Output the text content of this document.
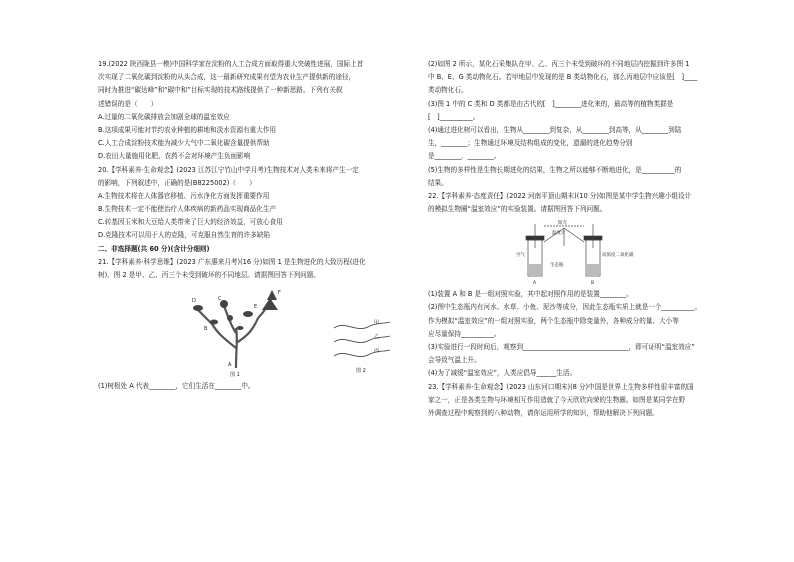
19.(2022 陕西陇县一模)中国科学家在淀粉的人工合成方面取得重大突破性进展，国际上首
次实现了二氧化碳到淀粉的从头合成，这一最新研究成果有望为农业生产提供新的途径，
同时为推进“碳达峰”和“碳中和”目标实现的技术路线提供了一种新思路。下列有关叙
述错误的是（　　）
A.过量的二氧化碳排放会加剧全球的温室效应
B.这项成果可能对节约农业种植的耕地和淡水资源有重大作用
C.人工合成淀粉技术能为减少大气中二氧化碳含量提供帮助
D.农田大量施用化肥、农药不会对环境产生负面影响
20.【学科素养·生命观念】(2023 江苏江宁竹山中学月考)生物技术对人类未来将产生一定
的影响，下列叙述中，正确的是(B8225002)（　　）
A.生物技术将在人体器官移植、污水净化方面发挥重要作用
B.生物技术一定不能使治疗人体疾病的新药品实现商品化生产
C.转基因玉米和大豆给人类带来了巨大的经济效益，可放心食用
D.克隆技术可以用于人的克隆，可克服自然生育的许多缺陷
二、非选择题(共 60 分)(含计分细则)
21.【学科素养·科学思维】(2023 广东惠来月考)(16 分)如图 1 是生物进化的大致历程(进化
树)，图 2 是甲、乙、丙三个未受到破坏的不同地层。请据图回答下列问题。
A
B
C
D
E
F
图 1
甲
乙
丙
图 2
(1)树根处 A 代表________，它们生活在________中。
(2)如图 2 所示，某化石采集队在甲、乙、丙三个未受到破坏的不同地层内挖掘到许多图 1
中 B、E、G 类动物化石。若甲地层中发现的是 B 类动物化石，那么丙地层中应该是[　]____
类动物化石。
(3)图 1 中的 C 类和 D 类都是由古代的[　]________进化来的，最高等的植物类群是
[　]__________。
(4)通过进化树可以看出，生物从________到复杂，从________到高等，从________到陆
生，________；生物通过环境及结构组成的变化，遗漏的进化趋势分别
是________，________。
(5)生物的多样性是生物长期进化的结果，生物之所以能够不断地进化，是__________的
结果。
22.【学科素养·态度责任】(2022 河南平顶山期末)(10 分)如图是某中学生物兴趣小组设计
的模拟生物圈“温室效应”的实验装置。请据图回答下列问题。
阳光
温度计
生态瓶
空气	高浓度二氧化碳
A	B
(1)装置 A 和 B 是一组对照实验，其中起对照作用的是装置________。
(2)图中生态瓶内有河水、水草、小鱼、泥沙等成分，因此生态瓶实质上就是一个__________。
作为模拟“温室效应”的一组对照实验，两个生态瓶中除变量外，各种成分的量、大小等
应尽量保持__________。
(3)实验进行一段时间后，观察到________________________________，即可证明“温室效应”
会导致气温上升。
(4)为了减缓“温室效应”，人类应倡导______生活。
23.【学科素养·生命观念】(2023 山东河口期末)(8 分)中国是世界上生物多样性很丰富的国
家之一，正是各类生物与环境相互作用造就了今天欣欣向荣的生物圈。如图是某同学在野
外调查过程中观察到的八种动物，请你运用所学的知识，帮助他解决下列问题。
